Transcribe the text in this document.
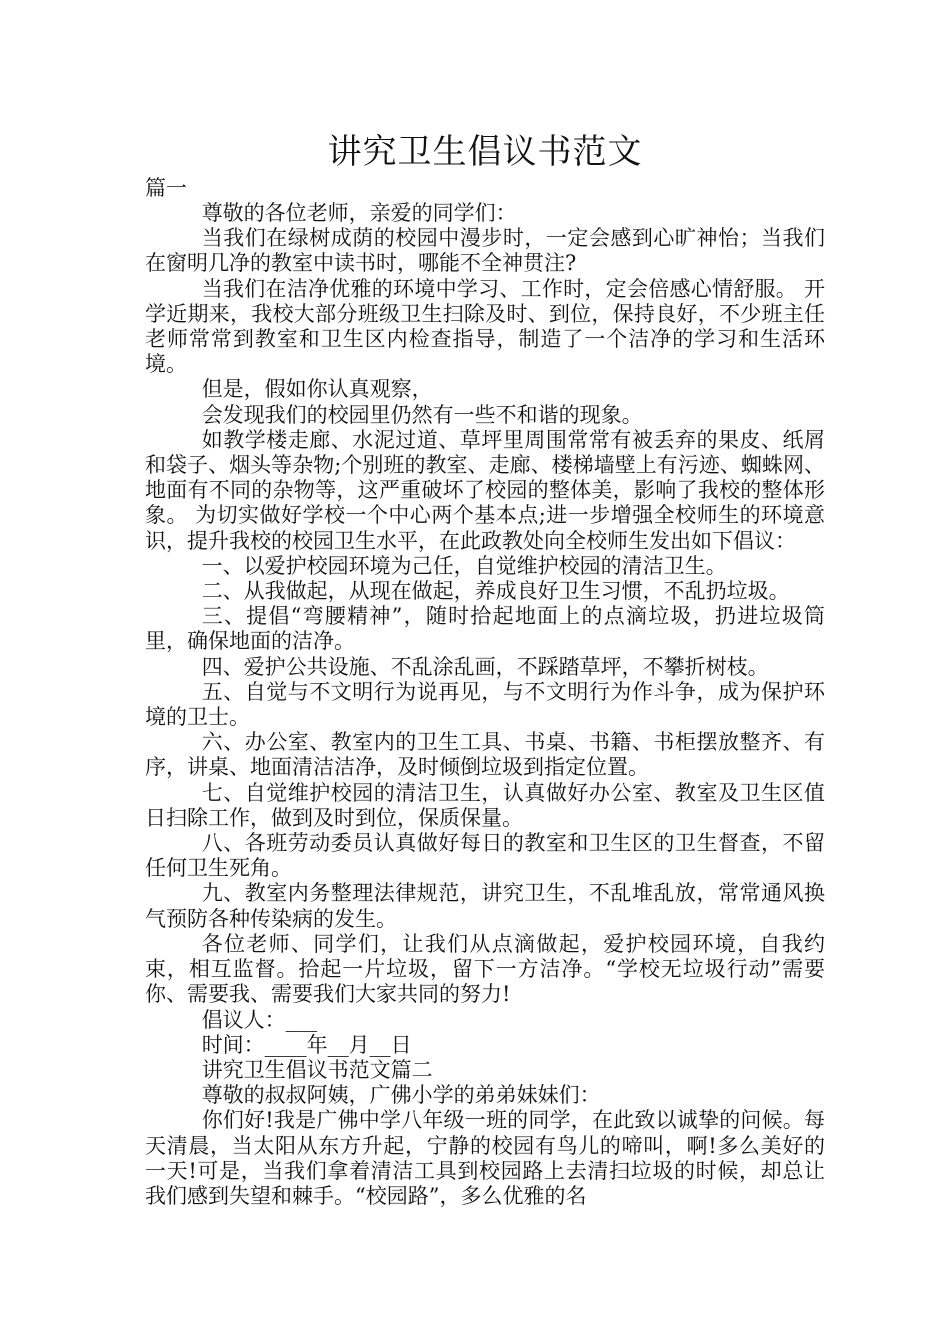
讲究卫生倡议书范文

篇一

尊敬的各位老师，亲爱的同学们：

当我们在绿树成荫的校园中漫步时，一定会感到心旷神怡；当我们在窗明几净的教室中读书时，哪能不全神贯注?

当我们在洁净优雅的环境中学习、工作时，定会倍感心情舒服。 开学近期来，我校大部分班级卫生扫除及时、到位，保持良好，不少班主任老师常常到教室和卫生区内检查指导，制造了一个洁净的学习和生活环境。

但是，假如你认真观察，

会发现我们的校园里仍然有一些不和谐的现象。

如教学楼走廊、水泥过道、草坪里周围常常有被丢弃的果皮、纸屑和袋子、烟头等杂物;个别班的教室、走廊、楼梯墙壁上有污迹、蜘蛛网、地面有不同的杂物等，这严重破坏了校园的整体美，影响了我校的整体形象。 为切实做好学校一个中心两个基本点;进一步增强全校师生的环境意识，提升我校的校园卫生水平，在此政教处向全校师生发出如下倡议：

一、以爱护校园环境为己任，自觉维护校园的清洁卫生。

二、从我做起，从现在做起，养成良好卫生习惯，不乱扔垃圾。

三、提倡“弯腰精神”，随时拾起地面上的点滴垃圾，扔进垃圾筒里，确保地面的洁净。

四、爱护公共设施、不乱涂乱画，不踩踏草坪，不攀折树枝。

五、自觉与不文明行为说再见，与不文明行为作斗争，成为保护环境的卫士。

六、办公室、教室内的卫生工具、书桌、书籍、书柜摆放整齐、有序，讲桌、地面清洁洁净，及时倾倒垃圾到指定位置。

七、自觉维护校园的清洁卫生，认真做好办公室、教室及卫生区值日扫除工作，做到及时到位，保质保量。

八、各班劳动委员认真做好每日的教室和卫生区的卫生督查，不留任何卫生死角。

九、教室内务整理法律规范，讲究卫生，不乱堆乱放，常常通风换气预防各种传染病的发生。

各位老师、同学们，让我们从点滴做起，爱护校园环境，自我约束，相互监督。拾起一片垃圾，留下一方洁净。“学校无垃圾行动”需要你、需要我、需要我们大家共同的努力!

倡议人：___

时间：____年__月__日

讲究卫生倡议书范文篇二

尊敬的叔叔阿姨，广佛小学的弟弟妹妹们：

你们好!我是广佛中学八年级一班的同学，在此致以诚挚的问候。每天清晨，当太阳从东方升起，宁静的校园有鸟儿的啼叫，啊!多么美好的一天!可是，当我们拿着清洁工具到校园路上去清扫垃圾的时候，却总让我们感到失望和棘手。“校园路”，多么优雅的名
